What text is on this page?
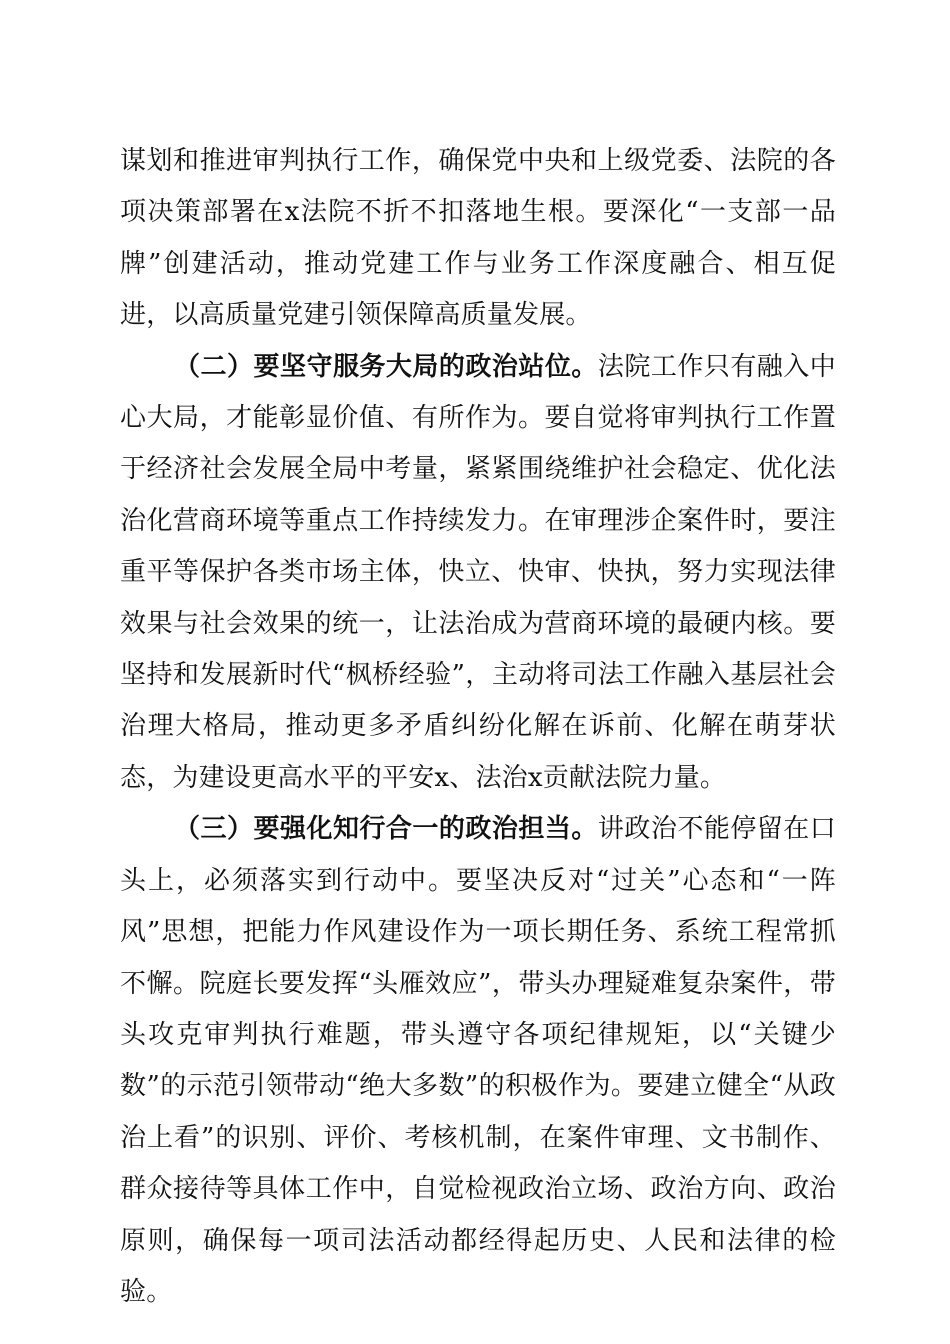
谋划和推进审判执行工作，确保党中央和上级党委、法院的各项决策部署在x法院不折不扣落地生根。要深化“一支部一品牌”创建活动，推动党建工作与业务工作深度融合、相互促进，以高质量党建引领保障高质量发展。

（二）要坚守服务大局的政治站位。法院工作只有融入中心大局，才能彰显价值、有所作为。要自觉将审判执行工作置于经济社会发展全局中考量，紧紧围绕维护社会稳定、优化法治化营商环境等重点工作持续发力。在审理涉企案件时，要注重平等保护各类市场主体，快立、快审、快执，努力实现法律效果与社会效果的统一，让法治成为营商环境的最硬内核。要坚持和发展新时代“枫桥经验”，主动将司法工作融入基层社会治理大格局，推动更多矛盾纠纷化解在诉前、化解在萌芽状态，为建设更高水平的平安x、法治x贡献法院力量。

（三）要强化知行合一的政治担当。讲政治不能停留在口头上，必须落实到行动中。要坚决反对“过关”心态和“一阵风”思想，把能力作风建设作为一项长期任务、系统工程常抓不懈。院庭长要发挥“头雁效应”，带头办理疑难复杂案件，带头攻克审判执行难题，带头遵守各项纪律规矩，以“关键少数”的示范引领带动“绝大多数”的积极作为。要建立健全“从政治上看”的识别、评价、考核机制，在案件审理、文书制作、群众接待等具体工作中，自觉检视政治立场、政治方向、政治原则，确保每一项司法活动都经得起历史、人民和法律的检验。
